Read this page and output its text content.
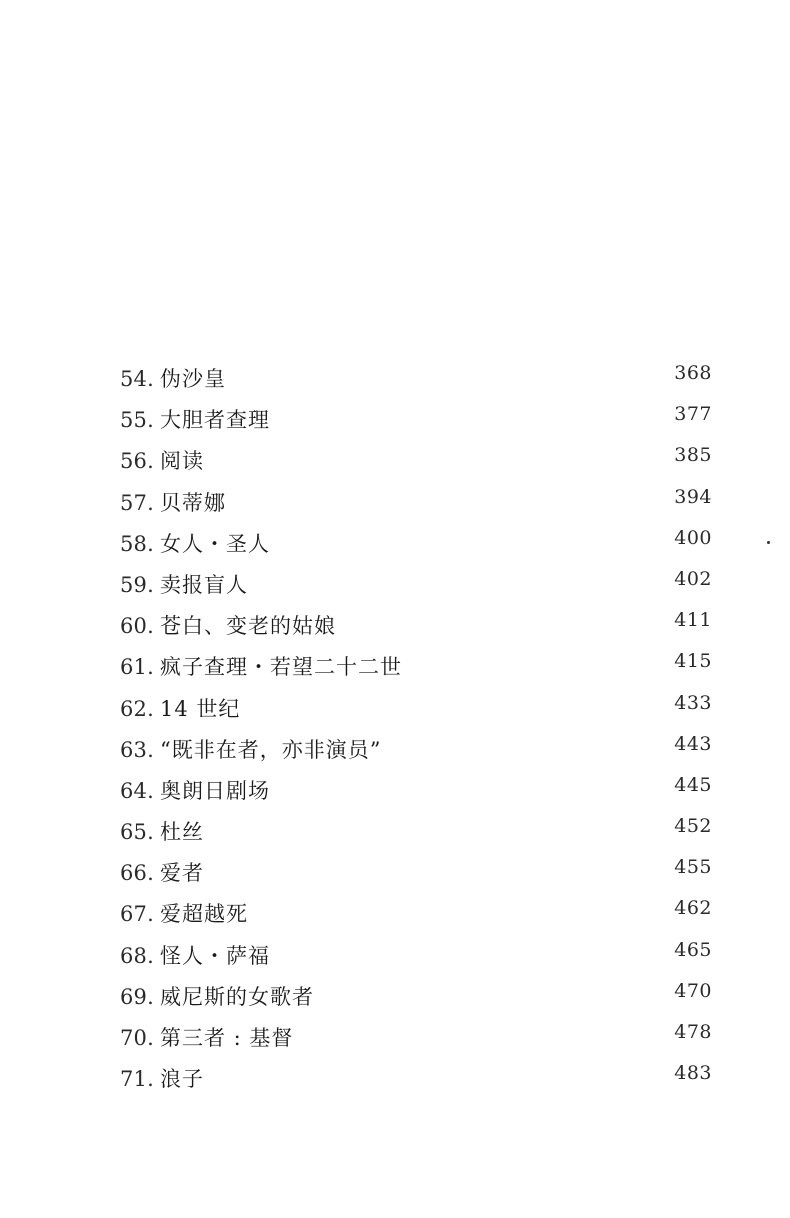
54. 伪沙皇	368
55. 大胆者查理	377
56. 阅读	385
57. 贝蒂娜	394
58. 女人・圣人	400
59. 卖报盲人	402
60. 苍白、变老的姑娘	411
61. 疯子查理・若望二十二世	415
62. 14 世纪	433
63. “既非在者，亦非演员”	443
64. 奥朗日剧场	445
65. 杜丝	452
66. 爱者	455
67. 爱超越死	462
68. 怪人・萨福	465
69. 威尼斯的女歌者	470
70. 第三者 : 基督	478
71. 浪子	483
